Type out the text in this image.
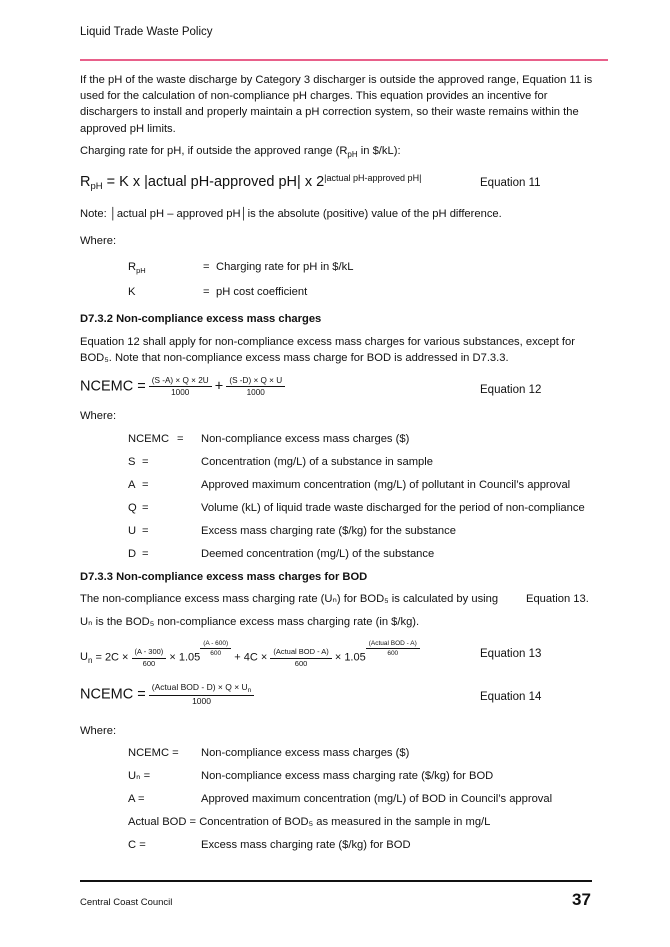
Liquid Trade Waste Policy
If the pH of the waste discharge by Category 3 discharger is outside the approved range, Equation 11 is used for the calculation of non-compliance pH charges. This equation provides an incentive for dischargers to install and properly maintain a pH correction system, so their waste remains within the approved pH limits.
Charging rate for pH, if outside the approved range ($R_{pH}$ in $/kL):
$R_{pH} = K$ x |actual pH-approved pH| x $2^{|actual pH-approved pH|}$	Equation 11
Note: │actual pH – approved pH│is the absolute (positive) value of the pH difference.
Where:
$R_{pH}$	= Charging rate for pH in $/kL
K	= pH cost coefficient
D7.3.2 Non-compliance excess mass charges
Equation 12 shall apply for non-compliance excess mass charges for various substances, except for BOD₅. Note that non-compliance excess mass charge for BOD is addressed in D7.3.3.
NCEMC = $\frac{(S -A) \times Q \times 2U}{1000} + \frac{(S -D) \times Q \times U}{1000}$	Equation 12
Where:
NCEMC = Non-compliance excess mass charges ($)
S =	Concentration (mg/L) of a substance in sample
A =	Approved maximum concentration (mg/L) of pollutant in Council’s approval
Q =	Volume (kL) of liquid trade waste discharged for the period of non-compliance
U =	Excess mass charging rate ($/kg) for the substance
D =	Deemed concentration (mg/L) of the substance
D7.3.3 Non-compliance excess mass charges for BOD
The non-compliance excess mass charging rate (Uₙ) for BOD₅ is calculated by using Equation 13.
Uₙ is the BOD₅ non-compliance excess mass charging rate (in $/kg).
$U_n = 2C \times \frac{(A - 300)}{600} \times 1.05 \frac{(A - 600)}{600} + 4C \times \frac{\text{(Actual BOD - A)}}{600} \times 1.05 \frac{\text{(Actual BOD - A)}}{600}$	Equation 13
NCEMC = $\frac{(Actual BOD - D) \times Q \times U_n}{1000}$	Equation 14
Where:
NCEMC = Non-compliance excess mass charges ($)
Uₙ =	Non-compliance excess mass charging rate ($/kg) for BOD
A =	Approved maximum concentration (mg/L) of BOD in Council’s approval
Actual BOD = Concentration of BOD₅ as measured in the sample in mg/L
C =	Excess mass charging rate ($/kg) for BOD
Central Coast Council	37
